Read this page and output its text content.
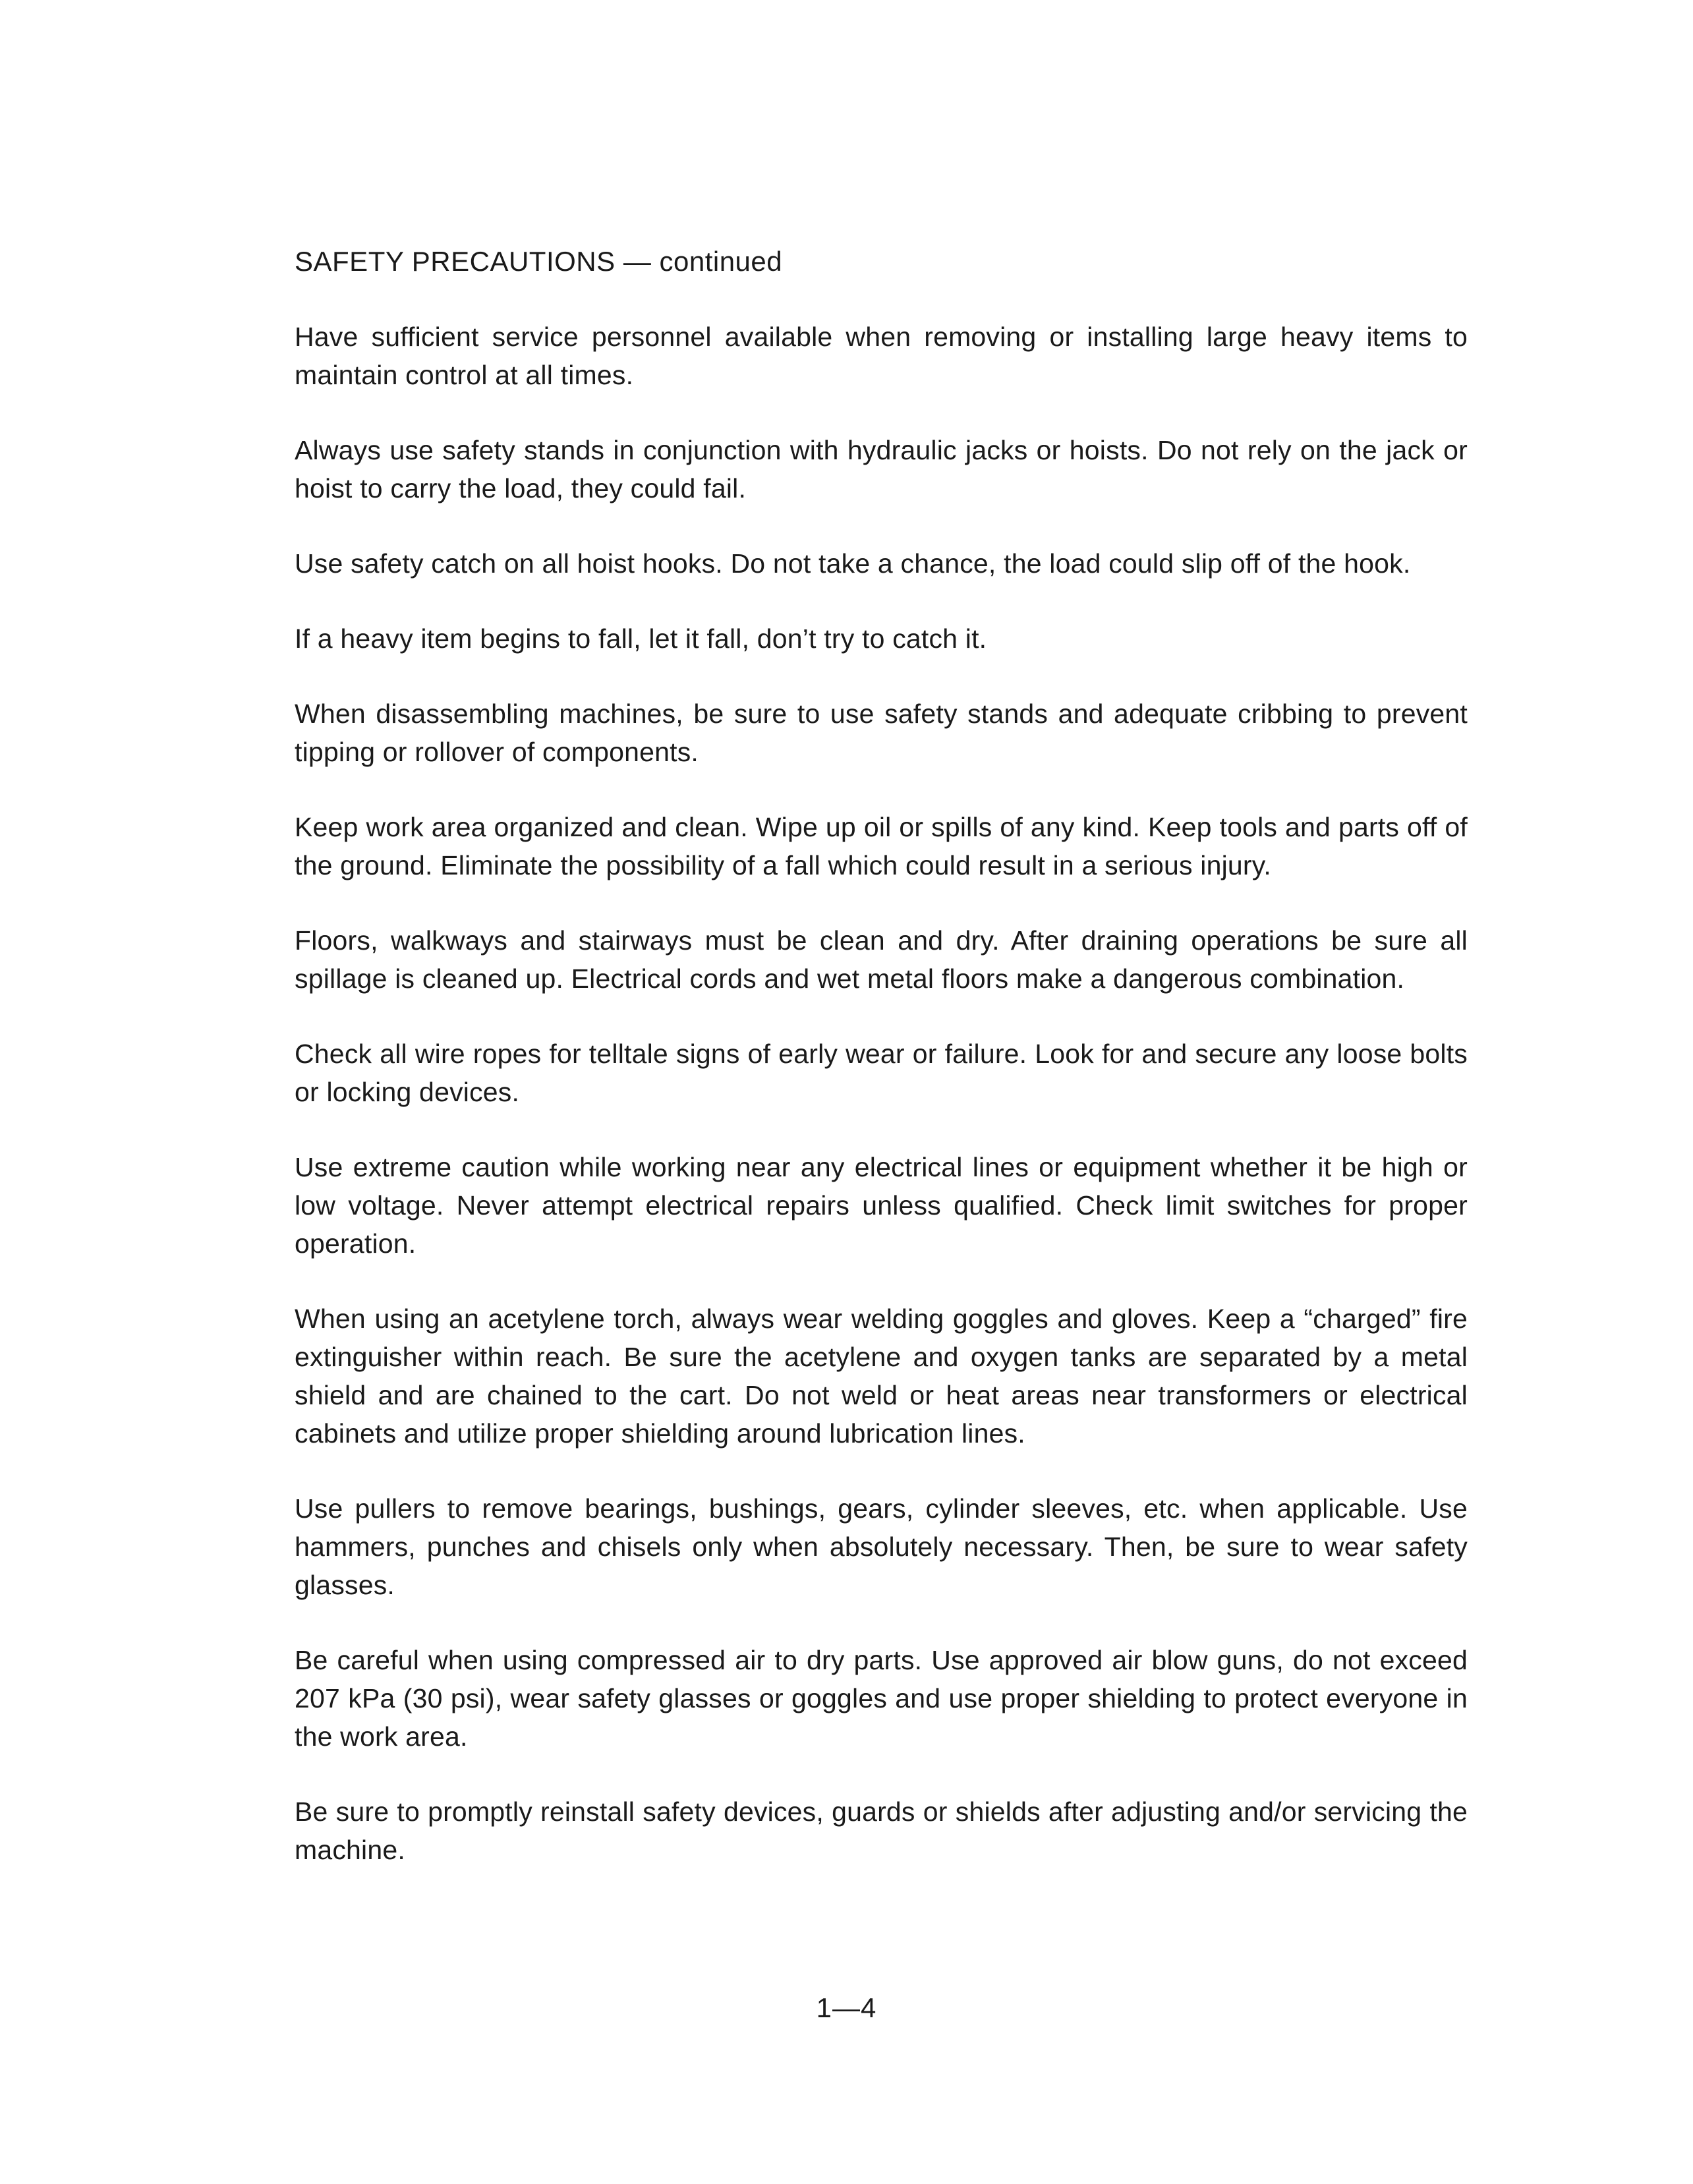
SAFETY PRECAUTIONS — continued

Have sufficient service personnel available when removing or installing large heavy items to maintain control at all times.

Always use safety stands in conjunction with hydraulic jacks or hoists. Do not rely on the jack or hoist to carry the load, they could fail.

Use safety catch on all hoist hooks. Do not take a chance, the load could slip off of the hook.

If a heavy item begins to fall, let it fall, don’t try to catch it.

When disassembling machines, be sure to use safety stands and adequate cribbing to prevent tipping or rollover of components.

Keep work area organized and clean. Wipe up oil or spills of any kind. Keep tools and parts off of the ground. Eliminate the possibility of a fall which could result in a serious injury.

Floors, walkways and stairways must be clean and dry. After draining operations be sure all spillage is cleaned up. Electrical cords and wet metal floors make a dangerous combination.

Check all wire ropes for telltale signs of early wear or failure. Look for and secure any loose bolts or locking devices.

Use extreme caution while working near any electrical lines or equipment whether it be high or low voltage. Never attempt electrical repairs unless qualified. Check limit switches for proper operation.

When using an acetylene torch, always wear welding goggles and gloves. Keep a “charged” fire extinguisher within reach. Be sure the acetylene and oxygen tanks are separated by a metal shield and are chained to the cart. Do not weld or heat areas near transformers or electrical cabinets and utilize proper shielding around lubrication lines.

Use pullers to remove bearings, bushings, gears, cylinder sleeves, etc. when applicable. Use hammers, punches and chisels only when absolutely necessary. Then, be sure to wear safety glasses.

Be careful when using compressed air to dry parts. Use approved air blow guns, do not exceed 207 kPa (30 psi), wear safety glasses or goggles and use proper shielding to protect everyone in the work area.

Be sure to promptly reinstall safety devices, guards or shields after adjusting and/or servicing the machine.

1—4
